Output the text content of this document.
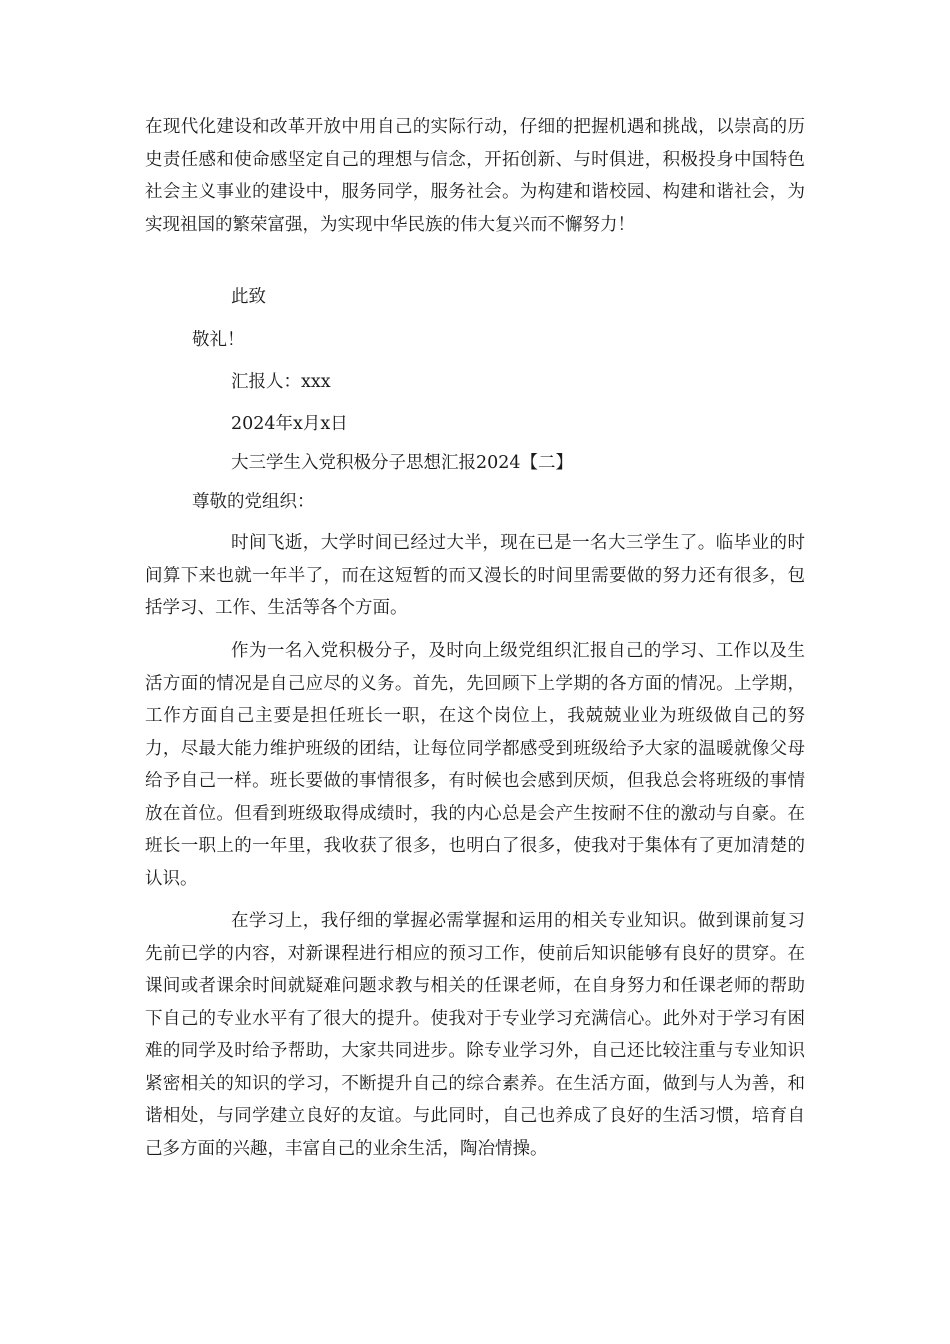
在现代化建设和改革开放中用自己的实际行动，仔细的把握机遇和挑战，以崇高的历史责任感和使命感坚定自己的理想与信念，开拓创新、与时俱进，积极投身中国特色社会主义事业的建设中，服务同学，服务社会。为构建和谐校园、构建和谐社会，为实现祖国的繁荣富强，为实现中华民族的伟大复兴而不懈努力！
此致
敬礼！
汇报人：xxx
2024年x月x日
大三学生入党积极分子思想汇报2024【二】
尊敬的党组织：
时间飞逝，大学时间已经过大半，现在已是一名大三学生了。临毕业的时间算下来也就一年半了，而在这短暂的而又漫长的时间里需要做的努力还有很多，包括学习、工作、生活等各个方面。
作为一名入党积极分子，及时向上级党组织汇报自己的学习、工作以及生活方面的情况是自己应尽的义务。首先，先回顾下上学期的各方面的情况。上学期，工作方面自己主要是担任班长一职，在这个岗位上，我兢兢业业为班级做自己的努力，尽最大能力维护班级的团结，让每位同学都感受到班级给予大家的温暖就像父母给予自己一样。班长要做的事情很多，有时候也会感到厌烦，但我总会将班级的事情放在首位。但看到班级取得成绩时，我的内心总是会产生按耐不住的激动与自豪。在班长一职上的一年里，我收获了很多，也明白了很多，使我对于集体有了更加清楚的认识。
在学习上，我仔细的掌握必需掌握和运用的相关专业知识。做到课前复习先前已学的内容，对新课程进行相应的预习工作，使前后知识能够有良好的贯穿。在课间或者课余时间就疑难问题求教与相关的任课老师，在自身努力和任课老师的帮助下自己的专业水平有了很大的提升。使我对于专业学习充满信心。此外对于学习有困难的同学及时给予帮助，大家共同进步。除专业学习外，自己还比较注重与专业知识紧密相关的知识的学习，不断提升自己的综合素养。在生活方面，做到与人为善，和谐相处，与同学建立良好的友谊。与此同时，自己也养成了良好的生活习惯，培育自己多方面的兴趣，丰富自己的业余生活，陶冶情操。
